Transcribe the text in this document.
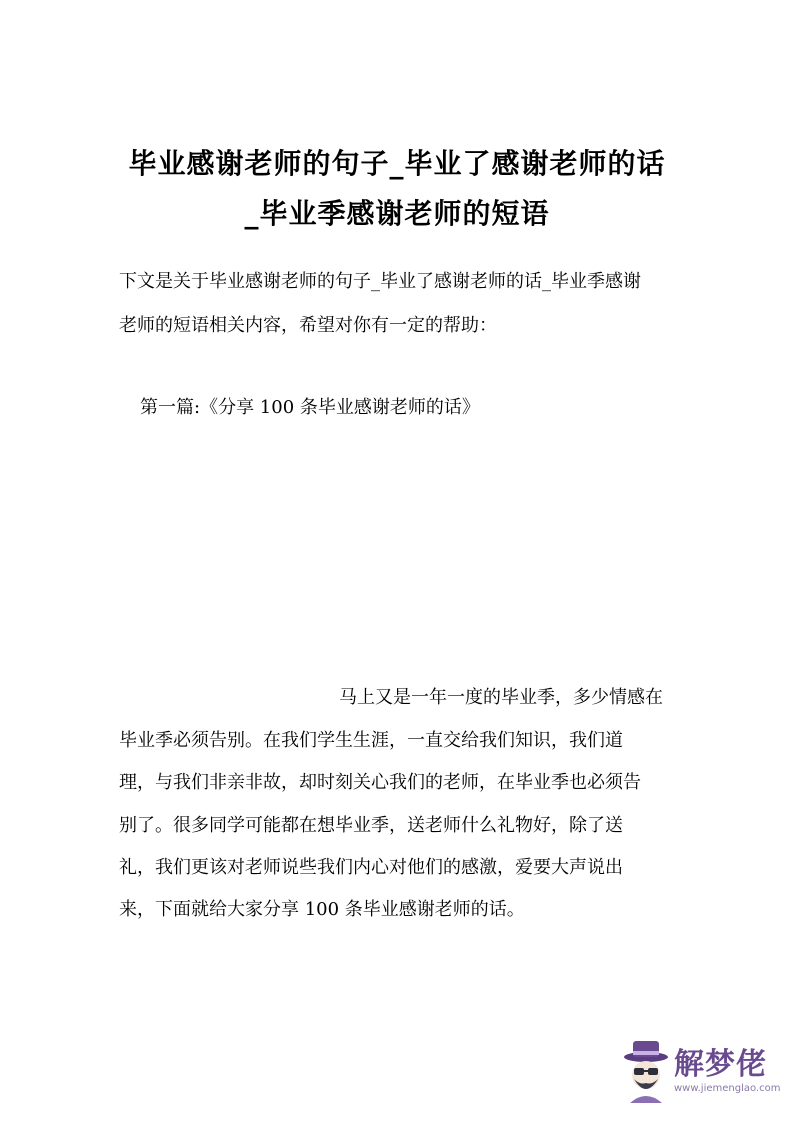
毕业感谢老师的句子_毕业了感谢老师的话
_毕业季感谢老师的短语
下文是关于毕业感谢老师的句子_毕业了感谢老师的话_毕业季感谢
老师的短语相关内容，希望对你有一定的帮助：
第一篇:《分享 100 条毕业感谢老师的话》
马上又是一年一度的毕业季，多少情感在
毕业季必须告别。在我们学生生涯，一直交给我们知识，我们道
理，与我们非亲非故，却时刻关心我们的老师，在毕业季也必须告
别了。很多同学可能都在想毕业季，送老师什么礼物好，除了送
礼，我们更该对老师说些我们内心对他们的感激，爱要大声说出
来，下面就给大家分享 100 条毕业感谢老师的话。
解梦佬
www.jiemenglao.com
